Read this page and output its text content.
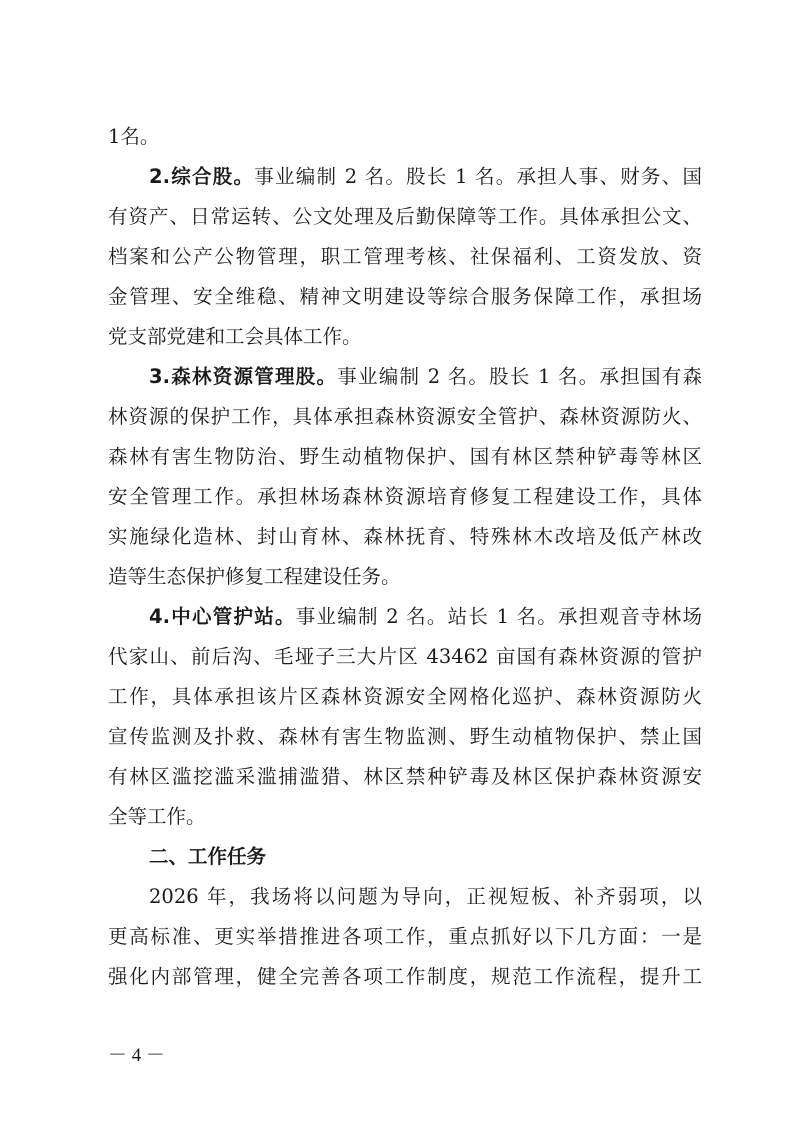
1名。
2.综合股。事业编制 2 名。股长 1 名。承担人事、财务、国
有资产、日常运转、公文处理及后勤保障等工作。具体承担公文、
档案和公产公物管理，职工管理考核、社保福利、工资发放、资
金管理、安全维稳、精神文明建设等综合服务保障工作，承担场
党支部党建和工会具体工作。
3.森林资源管理股。事业编制 2 名。股长 1 名。承担国有森
林资源的保护工作，具体承担森林资源安全管护、森林资源防火、
森林有害生物防治、野生动植物保护、国有林区禁种铲毒等林区
安全管理工作。承担林场森林资源培育修复工程建设工作，具体
实施绿化造林、封山育林、森林抚育、特殊林木改培及低产林改
造等生态保护修复工程建设任务。
4.中心管护站。事业编制 2 名。站长 1 名。承担观音寺林场
代家山、前后沟、毛垭子三大片区 43462 亩国有森林资源的管护
工作，具体承担该片区森林资源安全网格化巡护、森林资源防火
宣传监测及扑救、森林有害生物监测、野生动植物保护、禁止国
有林区滥挖滥采滥捕滥猎、林区禁种铲毒及林区保护森林资源安
全等工作。
二、工作任务
2026 年，我场将以问题为导向，正视短板、补齐弱项，以
更高标准、更实举措推进各项工作，重点抓好以下几方面：一是
强化内部管理，健全完善各项工作制度，规范工作流程，提升工
－ 4 －
